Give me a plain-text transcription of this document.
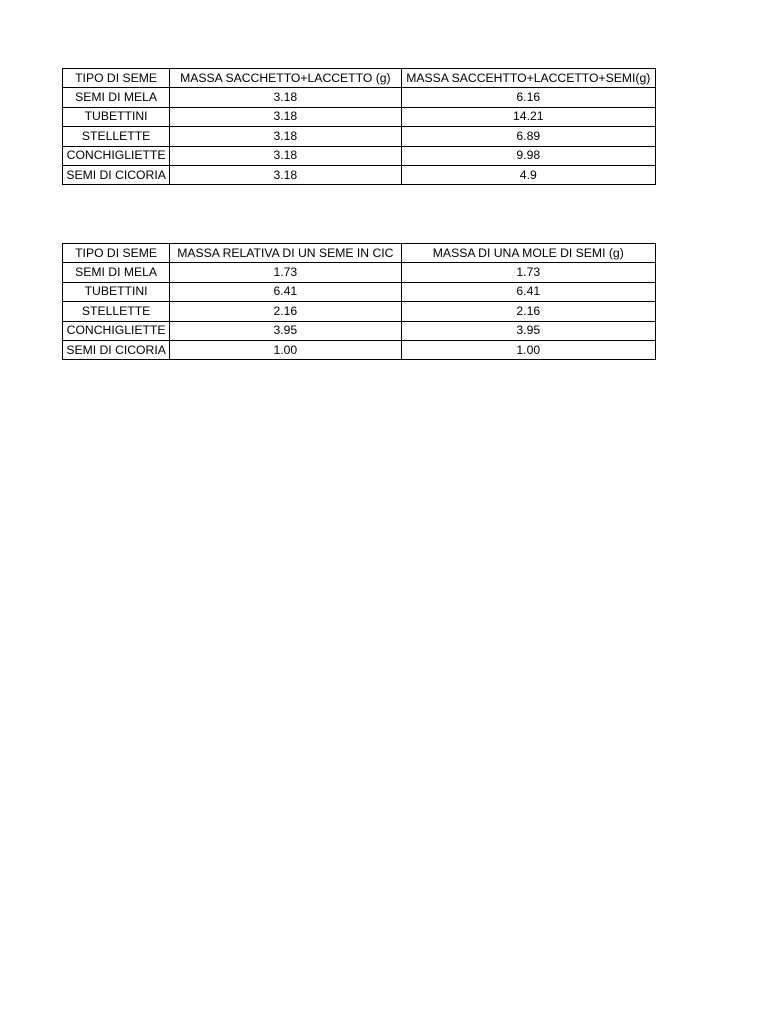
TIPO DI SEME	MASSA SACCHETTO+LACCETTO (g)	MASSA SACCEHTTO+LACCETTO+SEMI(g)
SEMI DI MELA	3.18	6.16
TUBETTINI	3.18	14.21
STELLETTE	3.18	6.89
CONCHIGLIETTE	3.18	9.98
SEMI DI CICORIA	3.18	4.9
TIPO DI SEME	MASSA RELATIVA DI UN SEME IN CIC	MASSA DI UNA MOLE DI SEMI (g)
SEMI DI MELA	1.73	1.73
TUBETTINI	6.41	6.41
STELLETTE	2.16	2.16
CONCHIGLIETTE	3.95	3.95
SEMI DI CICORIA	1.00	1.00
